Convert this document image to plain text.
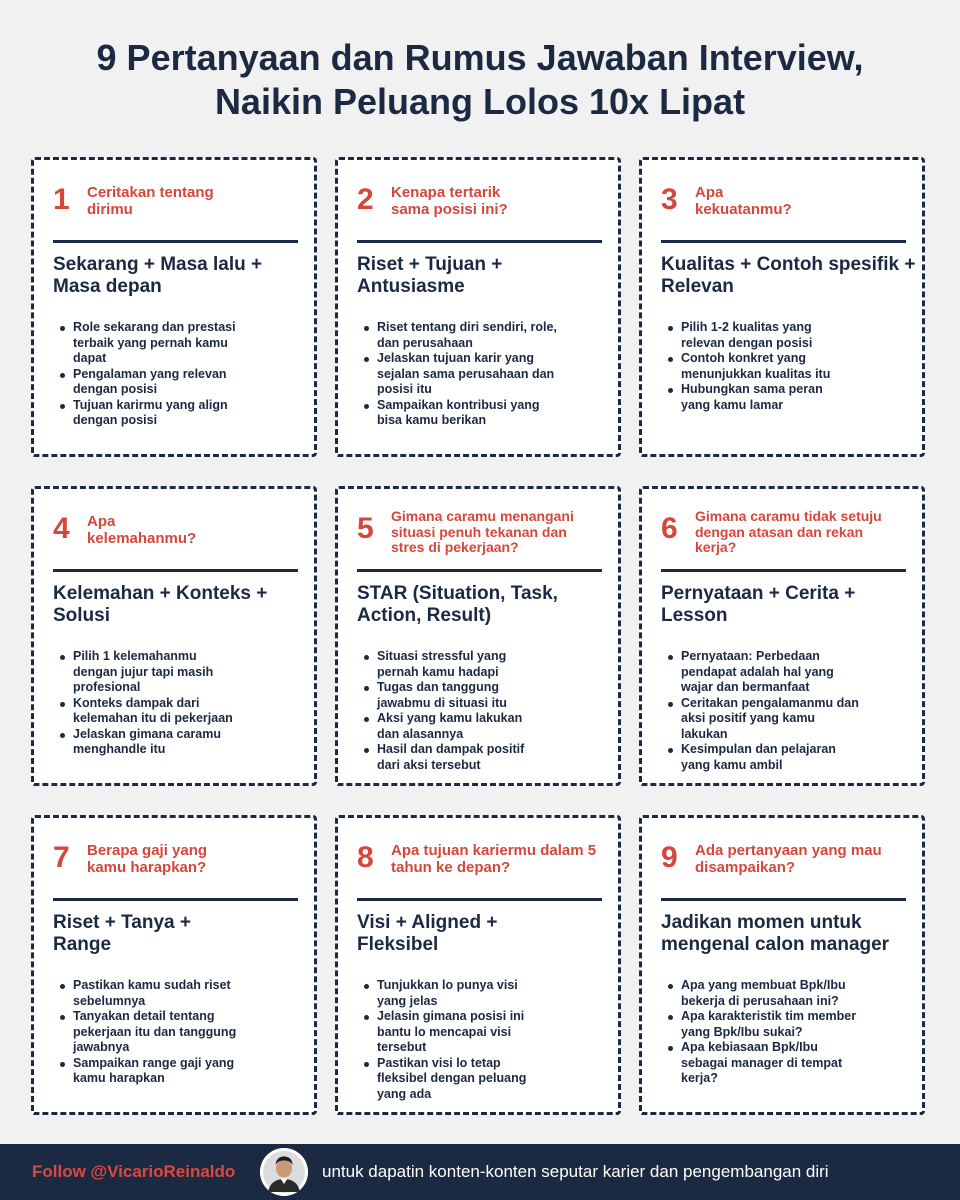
9 Pertanyaan dan Rumus Jawaban Interview,
Naikin Peluang Lolos 10x Lipat
1	Ceritakan tentang dirimu
Sekarang + Masa lalu + Masa depan
Role sekarang dan prestasi terbaik yang pernah kamu dapat
Pengalaman yang relevan dengan posisi
Tujuan karirmu yang align dengan posisi
2	Kenapa tertarik sama posisi ini?
Riset + Tujuan + Antusiasme
Riset tentang diri sendiri, role, dan perusahaan
Jelaskan tujuan karir yang sejalan sama perusahaan dan posisi itu
Sampaikan kontribusi yang bisa kamu berikan
3	Apa kekuatanmu?
Kualitas + Contoh spesifik + Relevan
Pilih 1-2 kualitas yang relevan dengan posisi
Contoh konkret yang menunjukkan kualitas itu
Hubungkan sama peran yang kamu lamar
4	Apa kelemahanmu?
Kelemahan + Konteks + Solusi
Pilih 1 kelemahanmu dengan jujur tapi masih profesional
Konteks dampak dari kelemahan itu di pekerjaan
Jelaskan gimana caramu menghandle itu
5	Gimana caramu menangani situasi penuh tekanan dan stres di pekerjaan?
STAR (Situation, Task, Action, Result)
Situasi stressful yang pernah kamu hadapi
Tugas dan tanggung jawabmu di situasi itu
Aksi yang kamu lakukan dan alasannya
Hasil dan dampak positif dari aksi tersebut
6	Gimana caramu tidak setuju dengan atasan dan rekan kerja?
Pernyataan + Cerita + Lesson
Pernyataan: Perbedaan pendapat adalah hal yang wajar dan bermanfaat
Ceritakan pengalamanmu dan aksi positif yang kamu lakukan
Kesimpulan dan pelajaran yang kamu ambil
7	Berapa gaji yang kamu harapkan?
Riset + Tanya + Range
Pastikan kamu sudah riset sebelumnya
Tanyakan detail tentang pekerjaan itu dan tanggung jawabnya
Sampaikan range gaji yang kamu harapkan
8	Apa tujuan kariermu dalam 5 tahun ke depan?
Visi + Aligned + Fleksibel
Tunjukkan lo punya visi yang jelas
Jelasin gimana posisi ini bantu lo mencapai visi tersebut
Pastikan visi lo tetap fleksibel dengan peluang yang ada
9	Ada pertanyaan yang mau disampaikan?
Jadikan momen untuk mengenal calon manager
Apa yang membuat Bpk/Ibu bekerja di perusahaan ini?
Apa karakteristik tim member yang Bpk/Ibu sukai?
Apa kebiasaan Bpk/Ibu sebagai manager di tempat kerja?
Follow @VicarioReinaldo	untuk dapatin konten-konten seputar karier dan pengembangan diri
